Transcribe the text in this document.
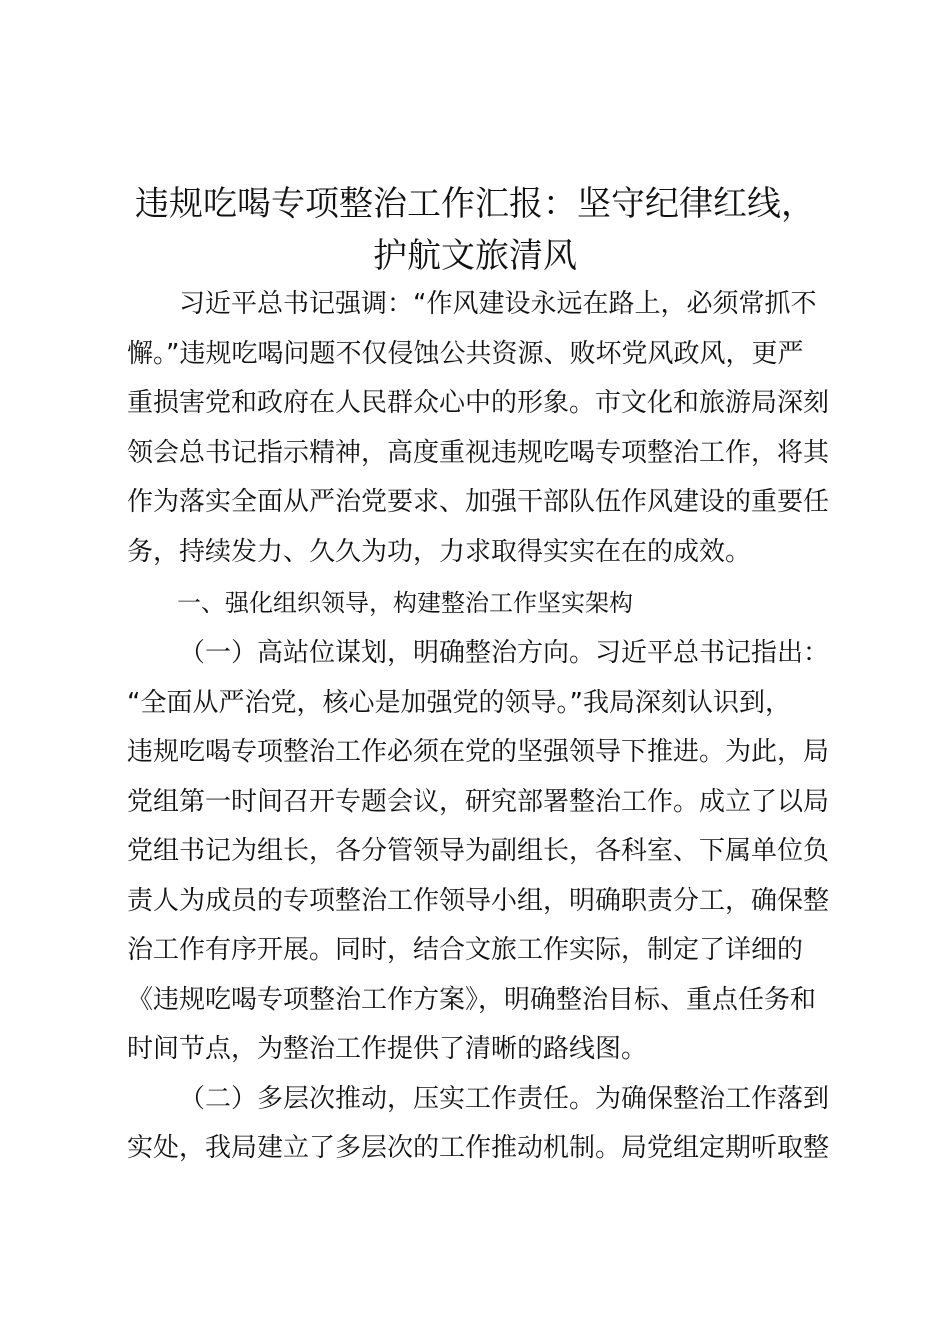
违规吃喝专项整治工作汇报：坚守纪律红线，
护航文旅清风
习近平总书记强调：“作风建设永远在路上，必须常抓不
懈。”违规吃喝问题不仅侵蚀公共资源、败坏党风政风，更严
重损害党和政府在人民群众心中的形象。市文化和旅游局深刻
领会总书记指示精神，高度重视违规吃喝专项整治工作，将其
作为落实全面从严治党要求、加强干部队伍作风建设的重要任
务，持续发力、久久为功，力求取得实实在在的成效。
一、强化组织领导，构建整治工作坚实架构
（一）高站位谋划，明确整治方向。习近平总书记指出：
“全面从严治党，核心是加强党的领导。”我局深刻认识到，
违规吃喝专项整治工作必须在党的坚强领导下推进。为此，局
党组第一时间召开专题会议，研究部署整治工作。成立了以局
党组书记为组长，各分管领导为副组长，各科室、下属单位负
责人为成员的专项整治工作领导小组，明确职责分工，确保整
治工作有序开展。同时，结合文旅工作实际，制定了详细的
《违规吃喝专项整治工作方案》，明确整治目标、重点任务和
时间节点，为整治工作提供了清晰的路线图。
（二）多层次推动，压实工作责任。为确保整治工作落到
实处，我局建立了多层次的工作推动机制。局党组定期听取整
